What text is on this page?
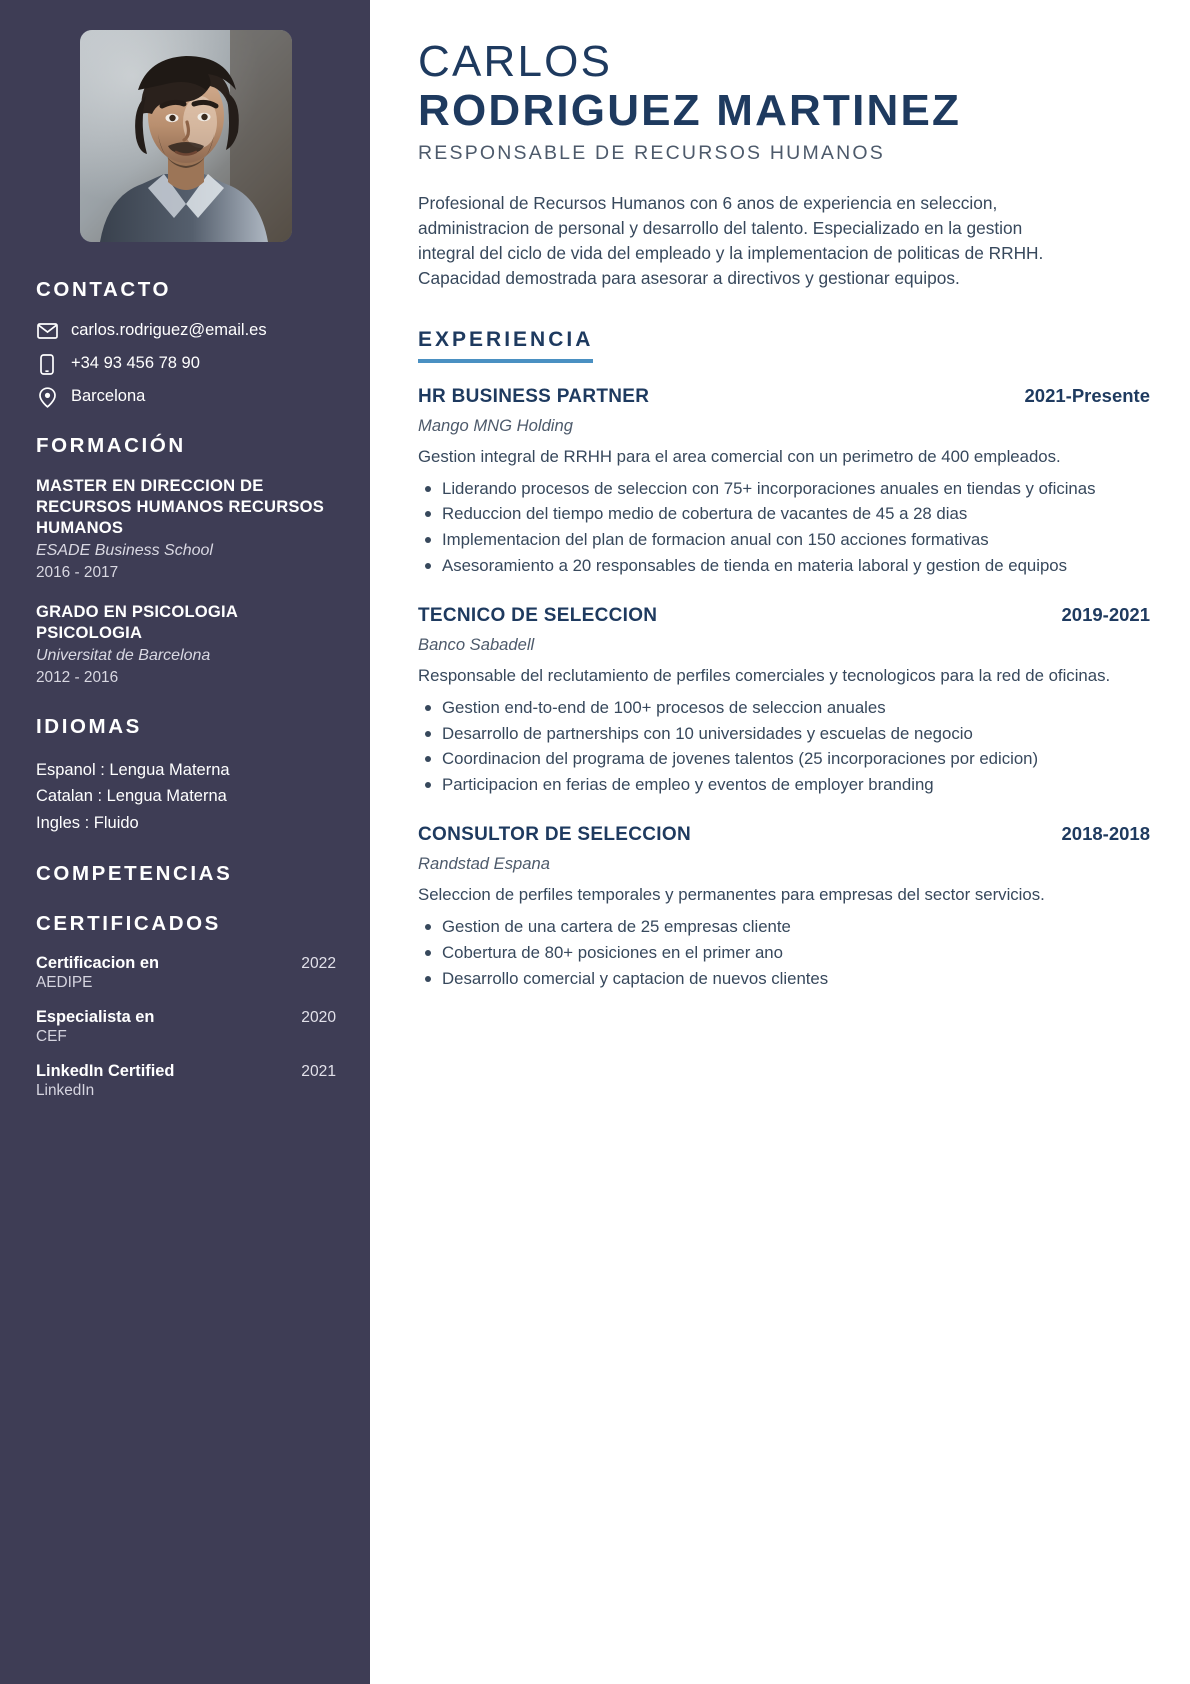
CONTACTO
carlos.rodriguez@email.es
+34 93 456 78 90
Barcelona
FORMACIÓN
MASTER EN DIRECCION DE RECURSOS HUMANOS RECURSOS HUMANOS
ESADE Business School
2016 - 2017
GRADO EN PSICOLOGIA PSICOLOGIA
Universitat de Barcelona
2012 - 2016
IDIOMAS
Espanol : Lengua Materna
Catalan : Lengua Materna
Ingles : Fluido
COMPETENCIAS
CERTIFICADOS
Certificacion en	2022
AEDIPE
Especialista en	2020
CEF
LinkedIn Certified	2021
LinkedIn
CARLOS
RODRIGUEZ MARTINEZ
RESPONSABLE DE RECURSOS HUMANOS

Profesional de Recursos Humanos con 6 anos de experiencia en seleccion, administracion de personal y desarrollo del talento. Especializado en la gestion integral del ciclo de vida del empleado y la implementacion de politicas de RRHH. Capacidad demostrada para asesorar a directivos y gestionar equipos.

EXPERIENCIA
HR BUSINESS PARTNER	2021-Presente
Mango MNG Holding
Gestion integral de RRHH para el area comercial con un perimetro de 400 empleados.
Liderando procesos de seleccion con 75+ incorporaciones anuales en tiendas y oficinas
Reduccion del tiempo medio de cobertura de vacantes de 45 a 28 dias
Implementacion del plan de formacion anual con 150 acciones formativas
Asesoramiento a 20 responsables de tienda en materia laboral y gestion de equipos
TECNICO DE SELECCION	2019-2021
Banco Sabadell
Responsable del reclutamiento de perfiles comerciales y tecnologicos para la red de oficinas.
Gestion end-to-end de 100+ procesos de seleccion anuales
Desarrollo de partnerships con 10 universidades y escuelas de negocio
Coordinacion del programa de jovenes talentos (25 incorporaciones por edicion)
Participacion en ferias de empleo y eventos de employer branding
CONSULTOR DE SELECCION	2018-2018
Randstad Espana
Seleccion de perfiles temporales y permanentes para empresas del sector servicios.
Gestion de una cartera de 25 empresas cliente
Cobertura de 80+ posiciones en el primer ano
Desarrollo comercial y captacion de nuevos clientes
